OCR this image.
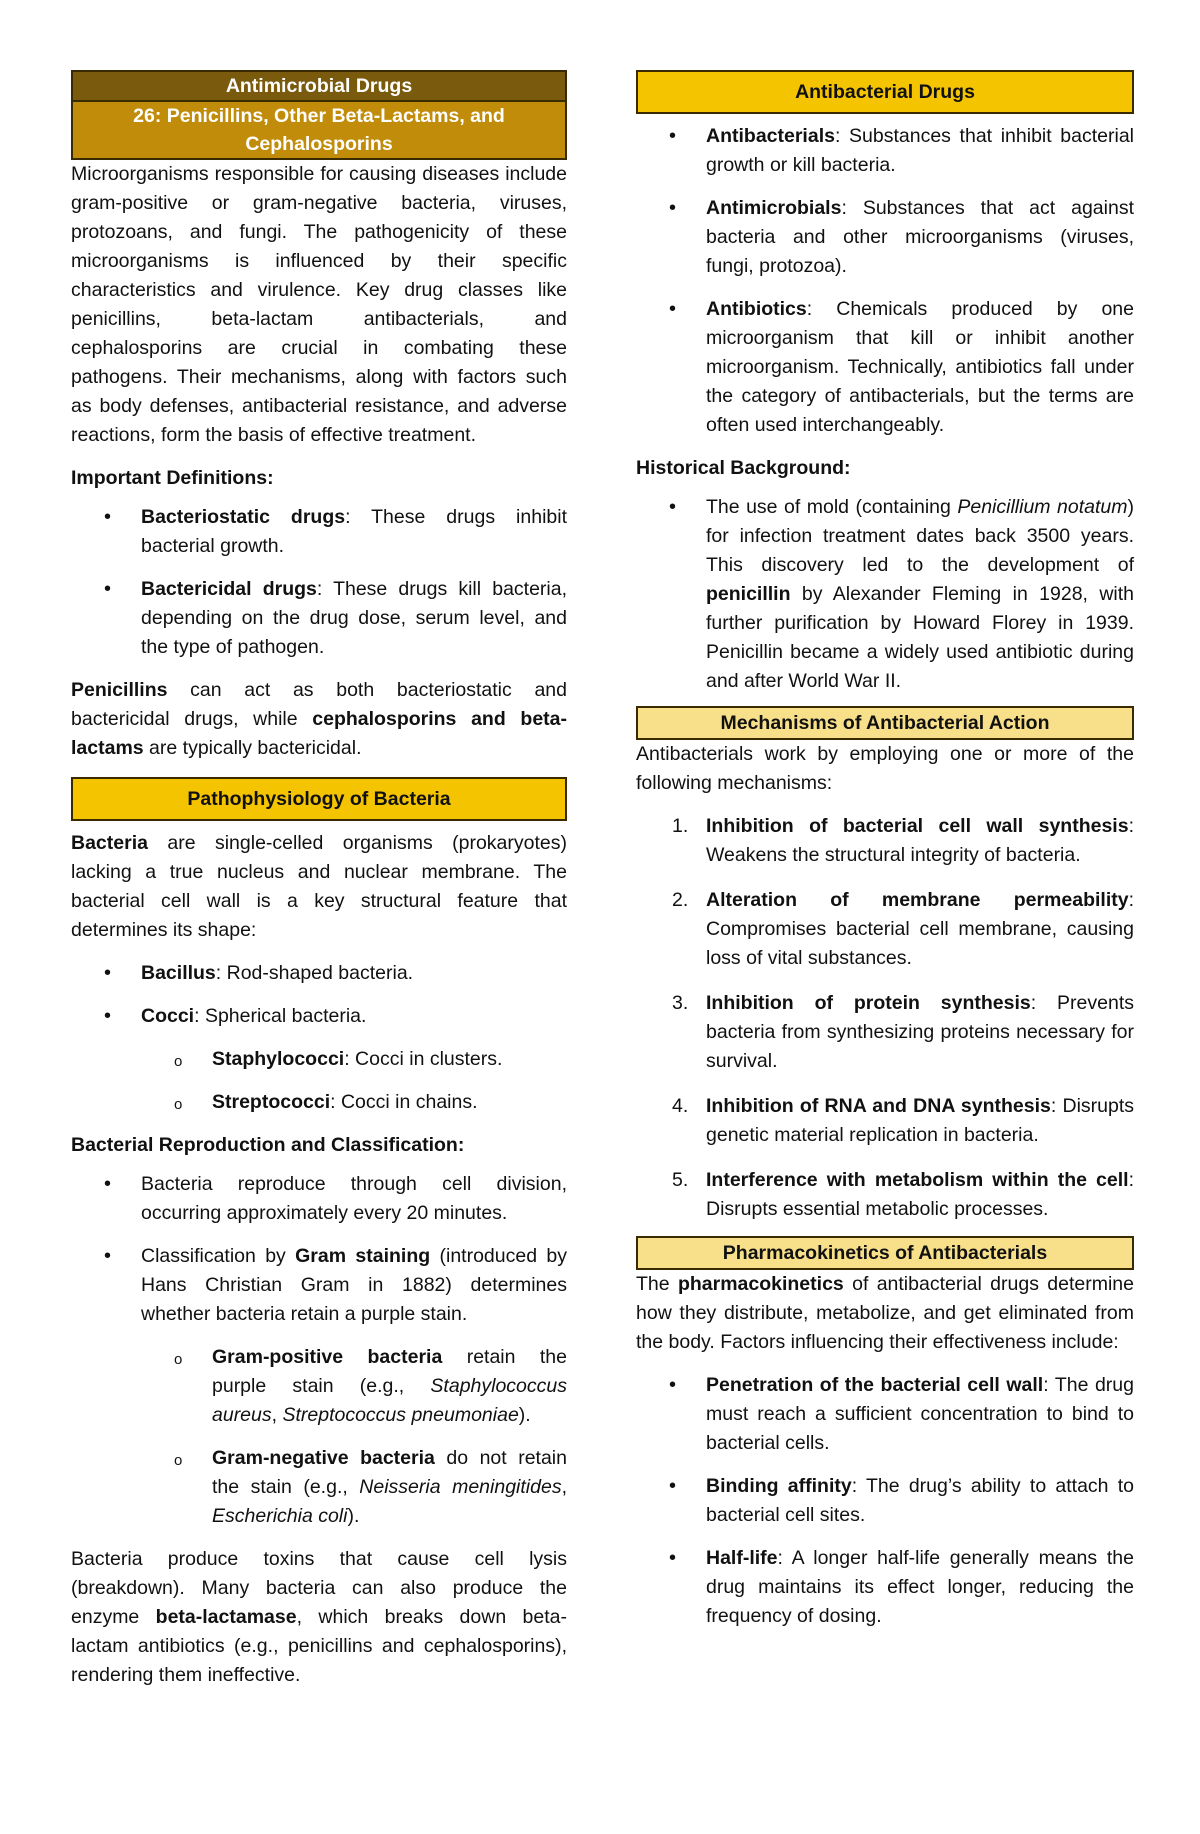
Antimicrobial Drugs
26: Penicillins, Other Beta-Lactams, and Cephalosporins

Microorganisms responsible for causing diseases include gram-positive or gram-negative bacteria, viruses, protozoans, and fungi. The pathogenicity of these microorganisms is influenced by their specific characteristics and virulence. Key drug classes like penicillins, beta-lactam antibacterials, and cephalosporins are crucial in combating these pathogens. Their mechanisms, along with factors such as body defenses, antibacterial resistance, and adverse reactions, form the basis of effective treatment.

Important Definitions:
• Bacteriostatic drugs: These drugs inhibit bacterial growth.
• Bactericidal drugs: These drugs kill bacteria, depending on the drug dose, serum level, and the type of pathogen.

Penicillins can act as both bacteriostatic and bactericidal drugs, while cephalosporins and beta-lactams are typically bactericidal.

Pathophysiology of Bacteria

Bacteria are single-celled organisms (prokaryotes) lacking a true nucleus and nuclear membrane. The bacterial cell wall is a key structural feature that determines its shape:

• Bacillus: Rod-shaped bacteria.
• Cocci: Spherical bacteria.
o Staphylococci: Cocci in clusters.
o Streptococci: Cocci in chains.
Bacterial Reproduction and Classification:
• Bacteria reproduce through cell division, occurring approximately every 20 minutes.
• Classification by Gram staining (introduced by Hans Christian Gram in 1882) determines whether bacteria retain a purple stain.
o Gram-positive bacteria retain the purple stain (e.g., Staphylococcus aureus, Streptococcus pneumoniae).
o Gram-negative bacteria do not retain the stain (e.g., Neisseria meningitides, Escherichia coli).

Bacteria produce toxins that cause cell lysis (breakdown). Many bacteria can also produce the enzyme beta-lactamase, which breaks down beta-lactam antibiotics (e.g., penicillins and cephalosporins), rendering them ineffective.

Antibacterial Drugs
• Antibacterials: Substances that inhibit bacterial growth or kill bacteria.
• Antimicrobials: Substances that act against bacteria and other microorganisms (viruses, fungi, protozoa).
• Antibiotics: Chemicals produced by one microorganism that kill or inhibit another microorganism. Technically, antibiotics fall under the category of antibacterials, but the terms are often used interchangeably.
Historical Background:
• The use of mold (containing Penicillium notatum) for infection treatment dates back 3500 years. This discovery led to the development of penicillin by Alexander Fleming in 1928, with further purification by Howard Florey in 1939. Penicillin became a widely used antibiotic during and after World War II.
Mechanisms of Antibacterial Action

Antibacterials work by employing one or more of the following mechanisms:

1. Inhibition of bacterial cell wall synthesis: Weakens the structural integrity of bacteria.
2. Alteration of membrane permeability: Compromises bacterial cell membrane, causing loss of vital substances.
3. Inhibition of protein synthesis: Prevents bacteria from synthesizing proteins necessary for survival.
4. Inhibition of RNA and DNA synthesis: Disrupts genetic material replication in bacteria.
5. Interference with metabolism within the cell: Disrupts essential metabolic processes.
Pharmacokinetics of Antibacterials

The pharmacokinetics of antibacterial drugs determine how they distribute, metabolize, and get eliminated from the body. Factors influencing their effectiveness include:

• Penetration of the bacterial cell wall: The drug must reach a sufficient concentration to bind to bacterial cells.
• Binding affinity: The drug’s ability to attach to bacterial cell sites.
• Half-life: A longer half-life generally means the drug maintains its effect longer, reducing the frequency of dosing.
